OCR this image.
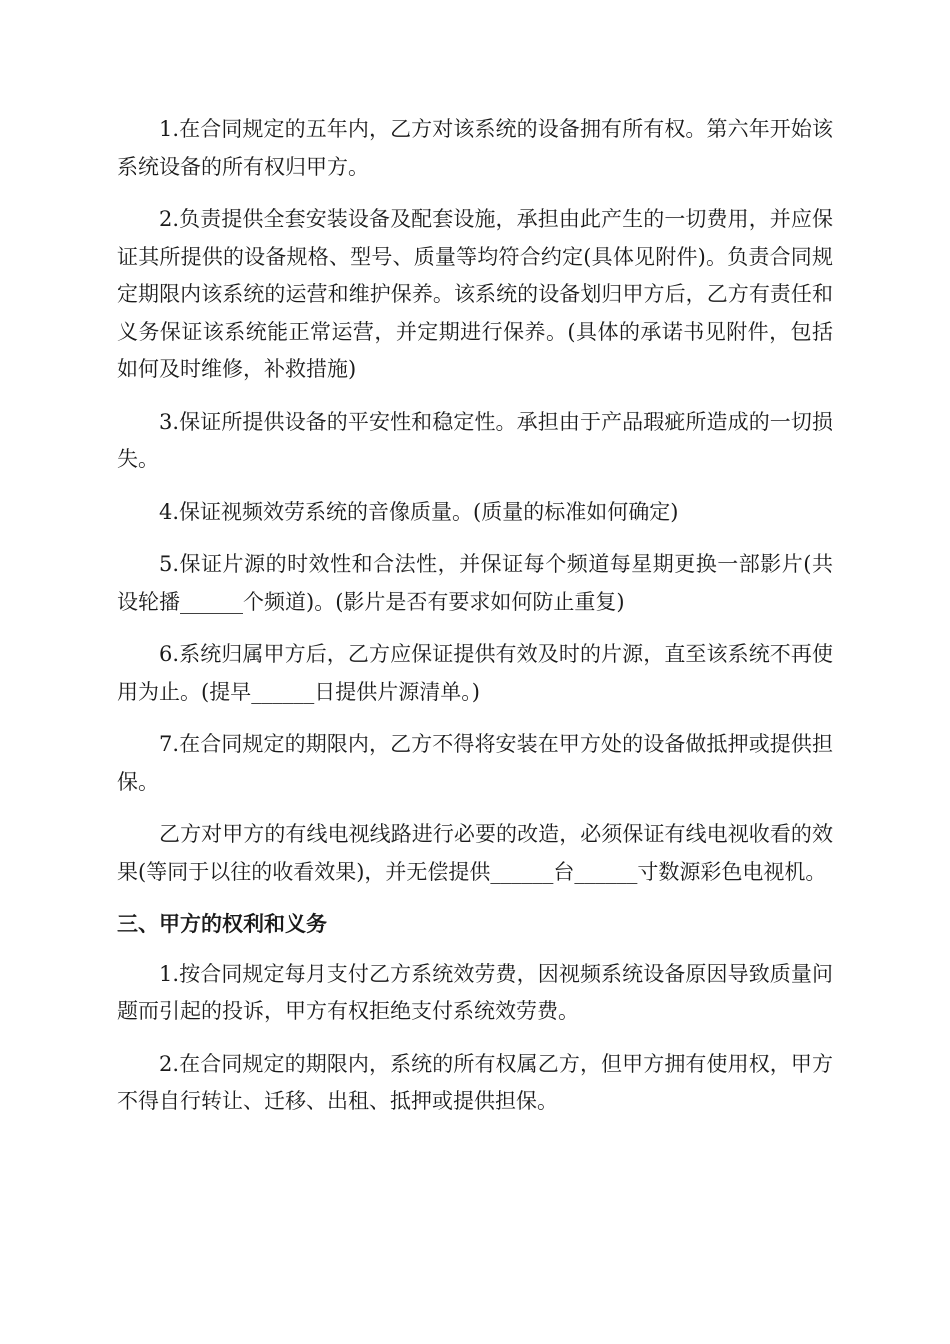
1.在合同规定的五年内，乙方对该系统的设备拥有所有权。第六年开始该系统设备的所有权归甲方。

2.负责提供全套安装设备及配套设施，承担由此产生的一切费用，并应保证其所提供的设备规格、型号、质量等均符合约定(具体见附件)。负责合同规定期限内该系统的运营和维护保养。该系统的设备划归甲方后，乙方有责任和义务保证该系统能正常运营，并定期进行保养。(具体的承诺书见附件，包括如何及时维修，补救措施)

3.保证所提供设备的平安性和稳定性。承担由于产品瑕疵所造成的一切损失。

4.保证视频效劳系统的音像质量。(质量的标准如何确定)

5.保证片源的时效性和合法性，并保证每个频道每星期更换一部影片(共设轮播______个频道)。(影片是否有要求如何防止重复)

6.系统归属甲方后，乙方应保证提供有效及时的片源，直至该系统不再使用为止。(提早______日提供片源清单。)

7.在合同规定的期限内，乙方不得将安装在甲方处的设备做抵押或提供担保。

乙方对甲方的有线电视线路进行必要的改造，必须保证有线电视收看的效果(等同于以往的收看效果)，并无偿提供______台______寸数源彩色电视机。

三、甲方的权利和义务

1.按合同规定每月支付乙方系统效劳费，因视频系统设备原因导致质量问题而引起的投诉，甲方有权拒绝支付系统效劳费。

2.在合同规定的期限内，系统的所有权属乙方，但甲方拥有使用权，甲方不得自行转让、迁移、出租、抵押或提供担保。
